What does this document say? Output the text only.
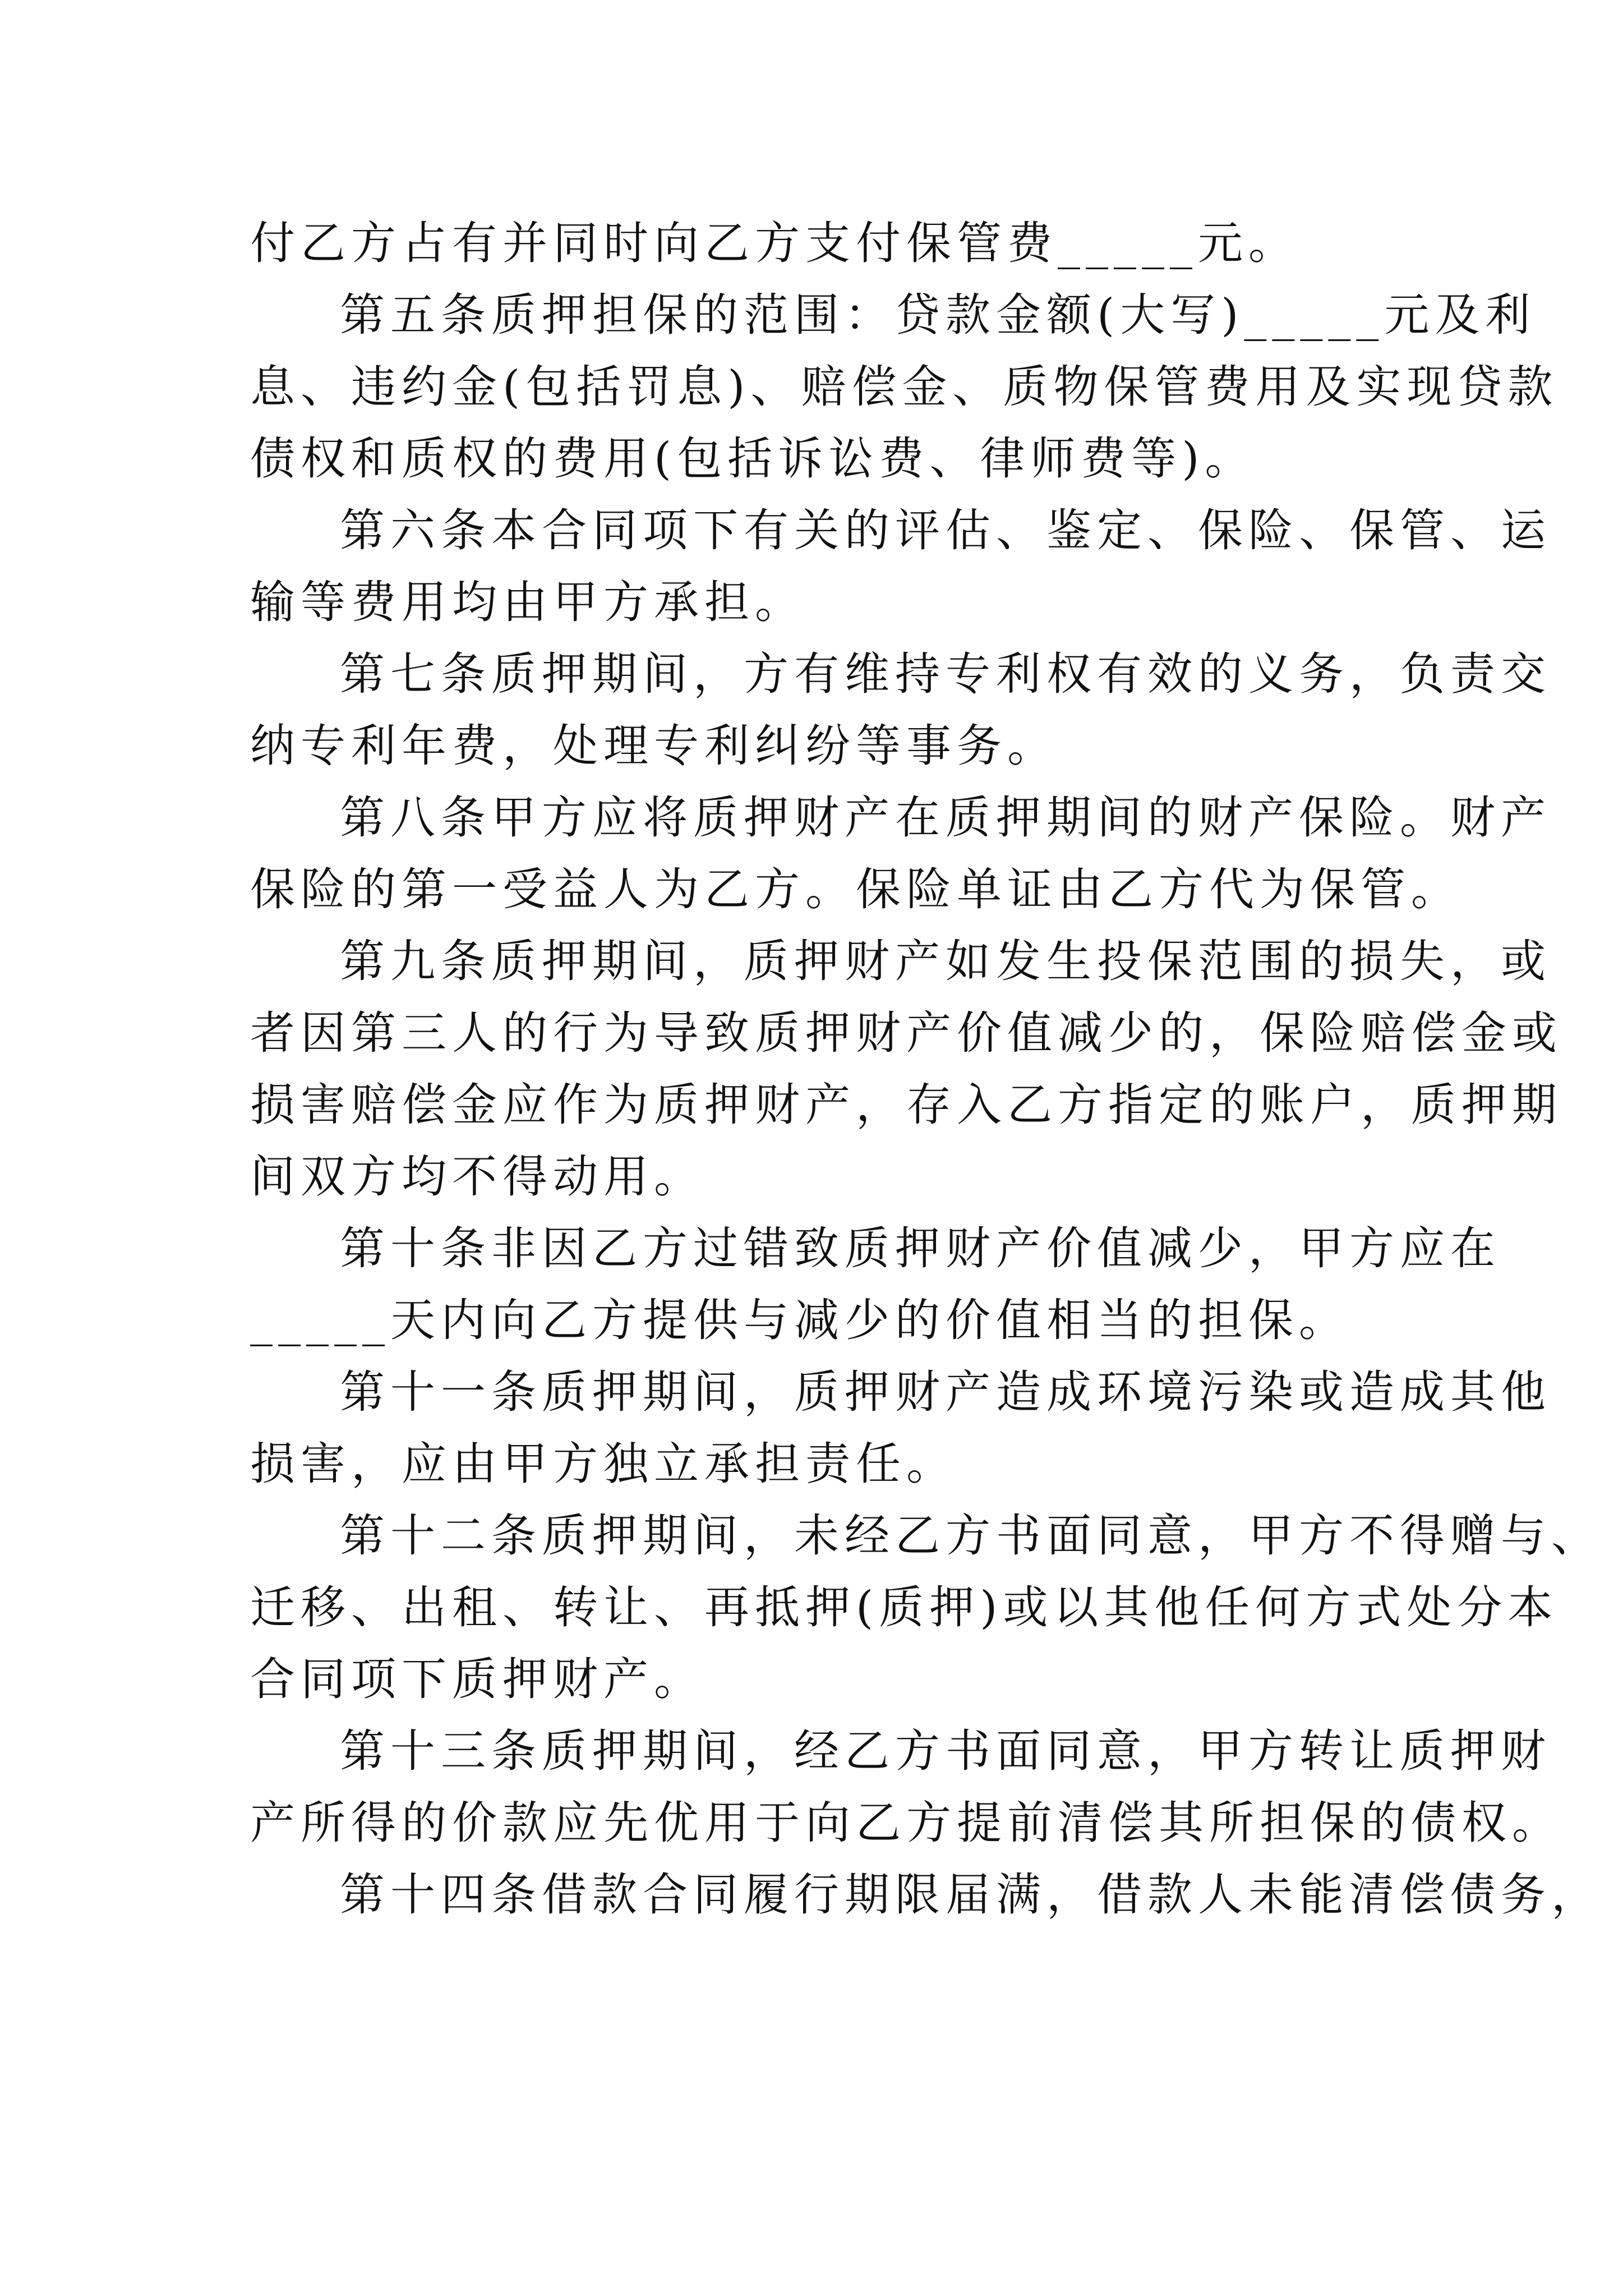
付乙方占有并同时向乙方支付保管费_____元。
第五条质押担保的范围：贷款金额(大写)_____元及利
息、违约金(包括罚息)、赔偿金、质物保管费用及实现贷款
债权和质权的费用(包括诉讼费、律师费等)。
第六条本合同项下有关的评估、鉴定、保险、保管、运
输等费用均由甲方承担。
第七条质押期间，方有维持专利权有效的义务，负责交
纳专利年费，处理专利纠纷等事务。
第八条甲方应将质押财产在质押期间的财产保险。财产
保险的第一受益人为乙方。保险单证由乙方代为保管。
第九条质押期间，质押财产如发生投保范围的损失，或
者因第三人的行为导致质押财产价值减少的，保险赔偿金或
损害赔偿金应作为质押财产，存入乙方指定的账户，质押期
间双方均不得动用。
第十条非因乙方过错致质押财产价值减少，甲方应在
_____天内向乙方提供与减少的价值相当的担保。
第十一条质押期间，质押财产造成环境污染或造成其他
损害，应由甲方独立承担责任。
第十二条质押期间，未经乙方书面同意，甲方不得赠与、
迁移、出租、转让、再抵押(质押)或以其他任何方式处分本
合同项下质押财产。
第十三条质押期间，经乙方书面同意，甲方转让质押财
产所得的价款应先优用于向乙方提前清偿其所担保的债权。
第十四条借款合同履行期限届满，借款人未能清偿债务，
